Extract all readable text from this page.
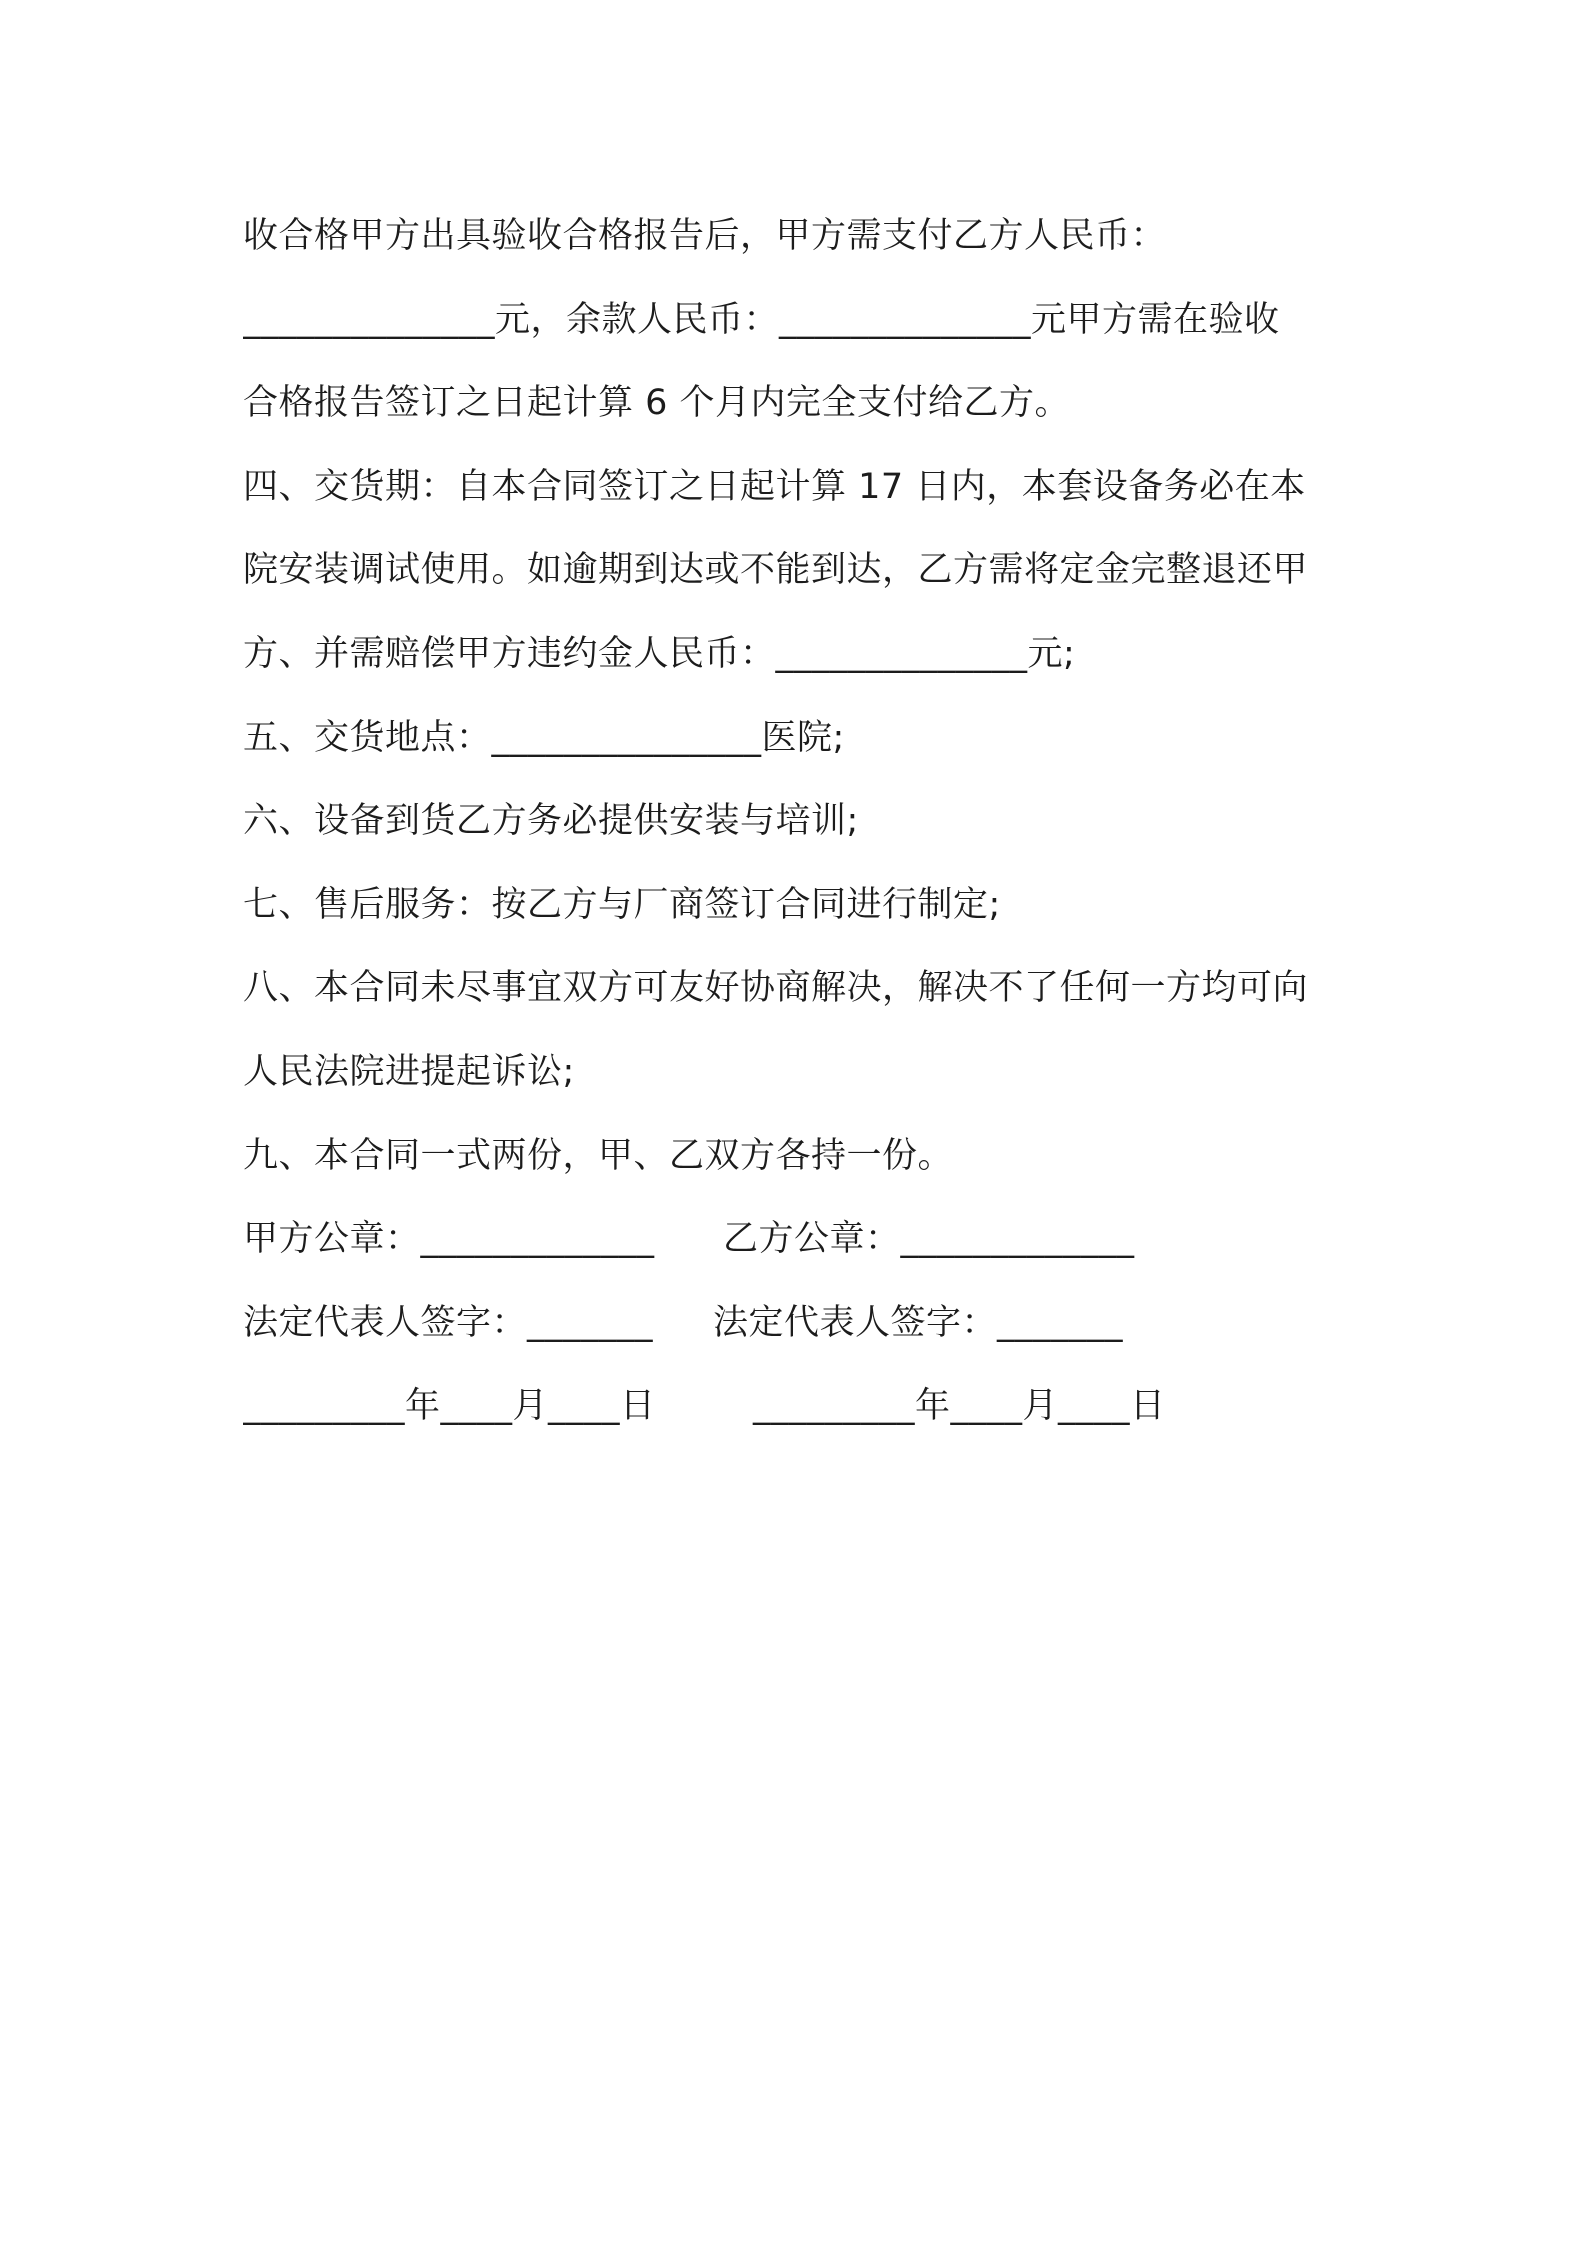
收合格甲方出具验收合格报告后，甲方需支付乙方人民币：
______________元，余款人民币：______________元甲方需在验收
合格报告签订之日起计算 6 个月内完全支付给乙方。
四、交货期：自本合同签订之日起计算 17 日内，本套设备务必在本
院安装调试使用。如逾期到达或不能到达，乙方需将定金完整退还甲
方、并需赔偿甲方违约金人民币：______________元;
五、交货地点：_______________医院;
六、设备到货乙方务必提供安装与培训;
七、售后服务：按乙方与厂商签订合同进行制定;
八、本合同未尽事宜双方可友好协商解决，解决不了任何一方均可向
人民法院进提起诉讼;
九、本合同一式两份，甲、乙双方各持一份。
甲方公章：_____________	乙方公章：_____________
法定代表人签字：_______	法定代表人签字：_______
_________年____月____日	_________年____月____日
